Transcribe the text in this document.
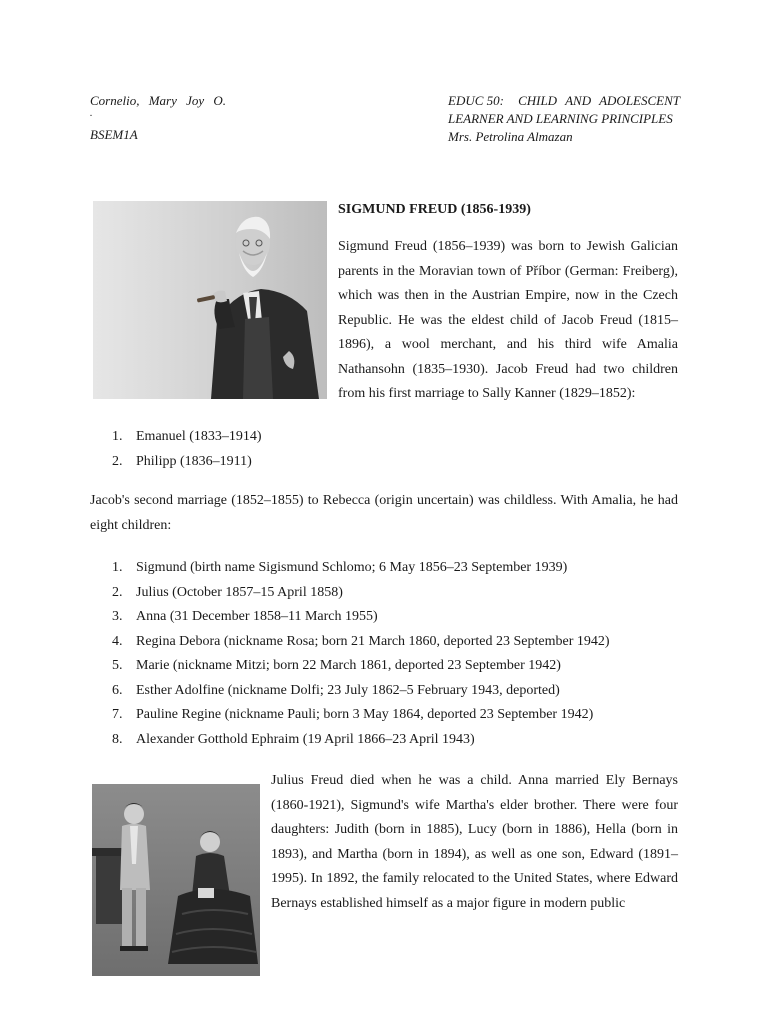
Cornelio, Mary Joy O.
.
BSEM1A
EDUC 50: CHILD AND ADOLESCENT
LEARNER AND LEARNING PRINCIPLES
Mrs. Petrolina Almazan
SIGMUND FREUD (1856-1939)

Sigmund Freud (1856–1939) was born to Jewish Galician parents in the Moravian town of Příbor (German: Freiberg), which was then in the Austrian Empire, now in the Czech Republic. He was the eldest child of Jacob Freud (1815–1896), a wool merchant, and his third wife Amalia Nathansohn (1835–1930). Jacob Freud had two children from his first marriage to Sally Kanner (1829–1852):

1. Emanuel (1833–1914)
2. Philipp (1836–1911)

Jacob's second marriage (1852–1855) to Rebecca (origin uncertain) was childless. With Amalia, he had eight children:

1. Sigmund (birth name Sigismund Schlomo; 6 May 1856–23 September 1939)
2. Julius (October 1857–15 April 1858)
3. Anna (31 December 1858–11 March 1955)
4. Regina Debora (nickname Rosa; born 21 March 1860, deported 23 September 1942)
5. Marie (nickname Mitzi; born 22 March 1861, deported 23 September 1942)
6. Esther Adolfine (nickname Dolfi; 23 July 1862–5 February 1943, deported)
7. Pauline Regine (nickname Pauli; born 3 May 1864, deported 23 September 1942)
8. Alexander Gotthold Ephraim (19 April 1866–23 April 1943)

Julius Freud died when he was a child. Anna married Ely Bernays (1860-1921), Sigmund's wife Martha's elder brother. There were four daughters: Judith (born in 1885), Lucy (born in 1886), Hella (born in 1893), and Martha (born in 1894), as well as one son, Edward (1891–1995). In 1892, the family relocated to the United States, where Edward Bernays established himself as a major figure in modern public
